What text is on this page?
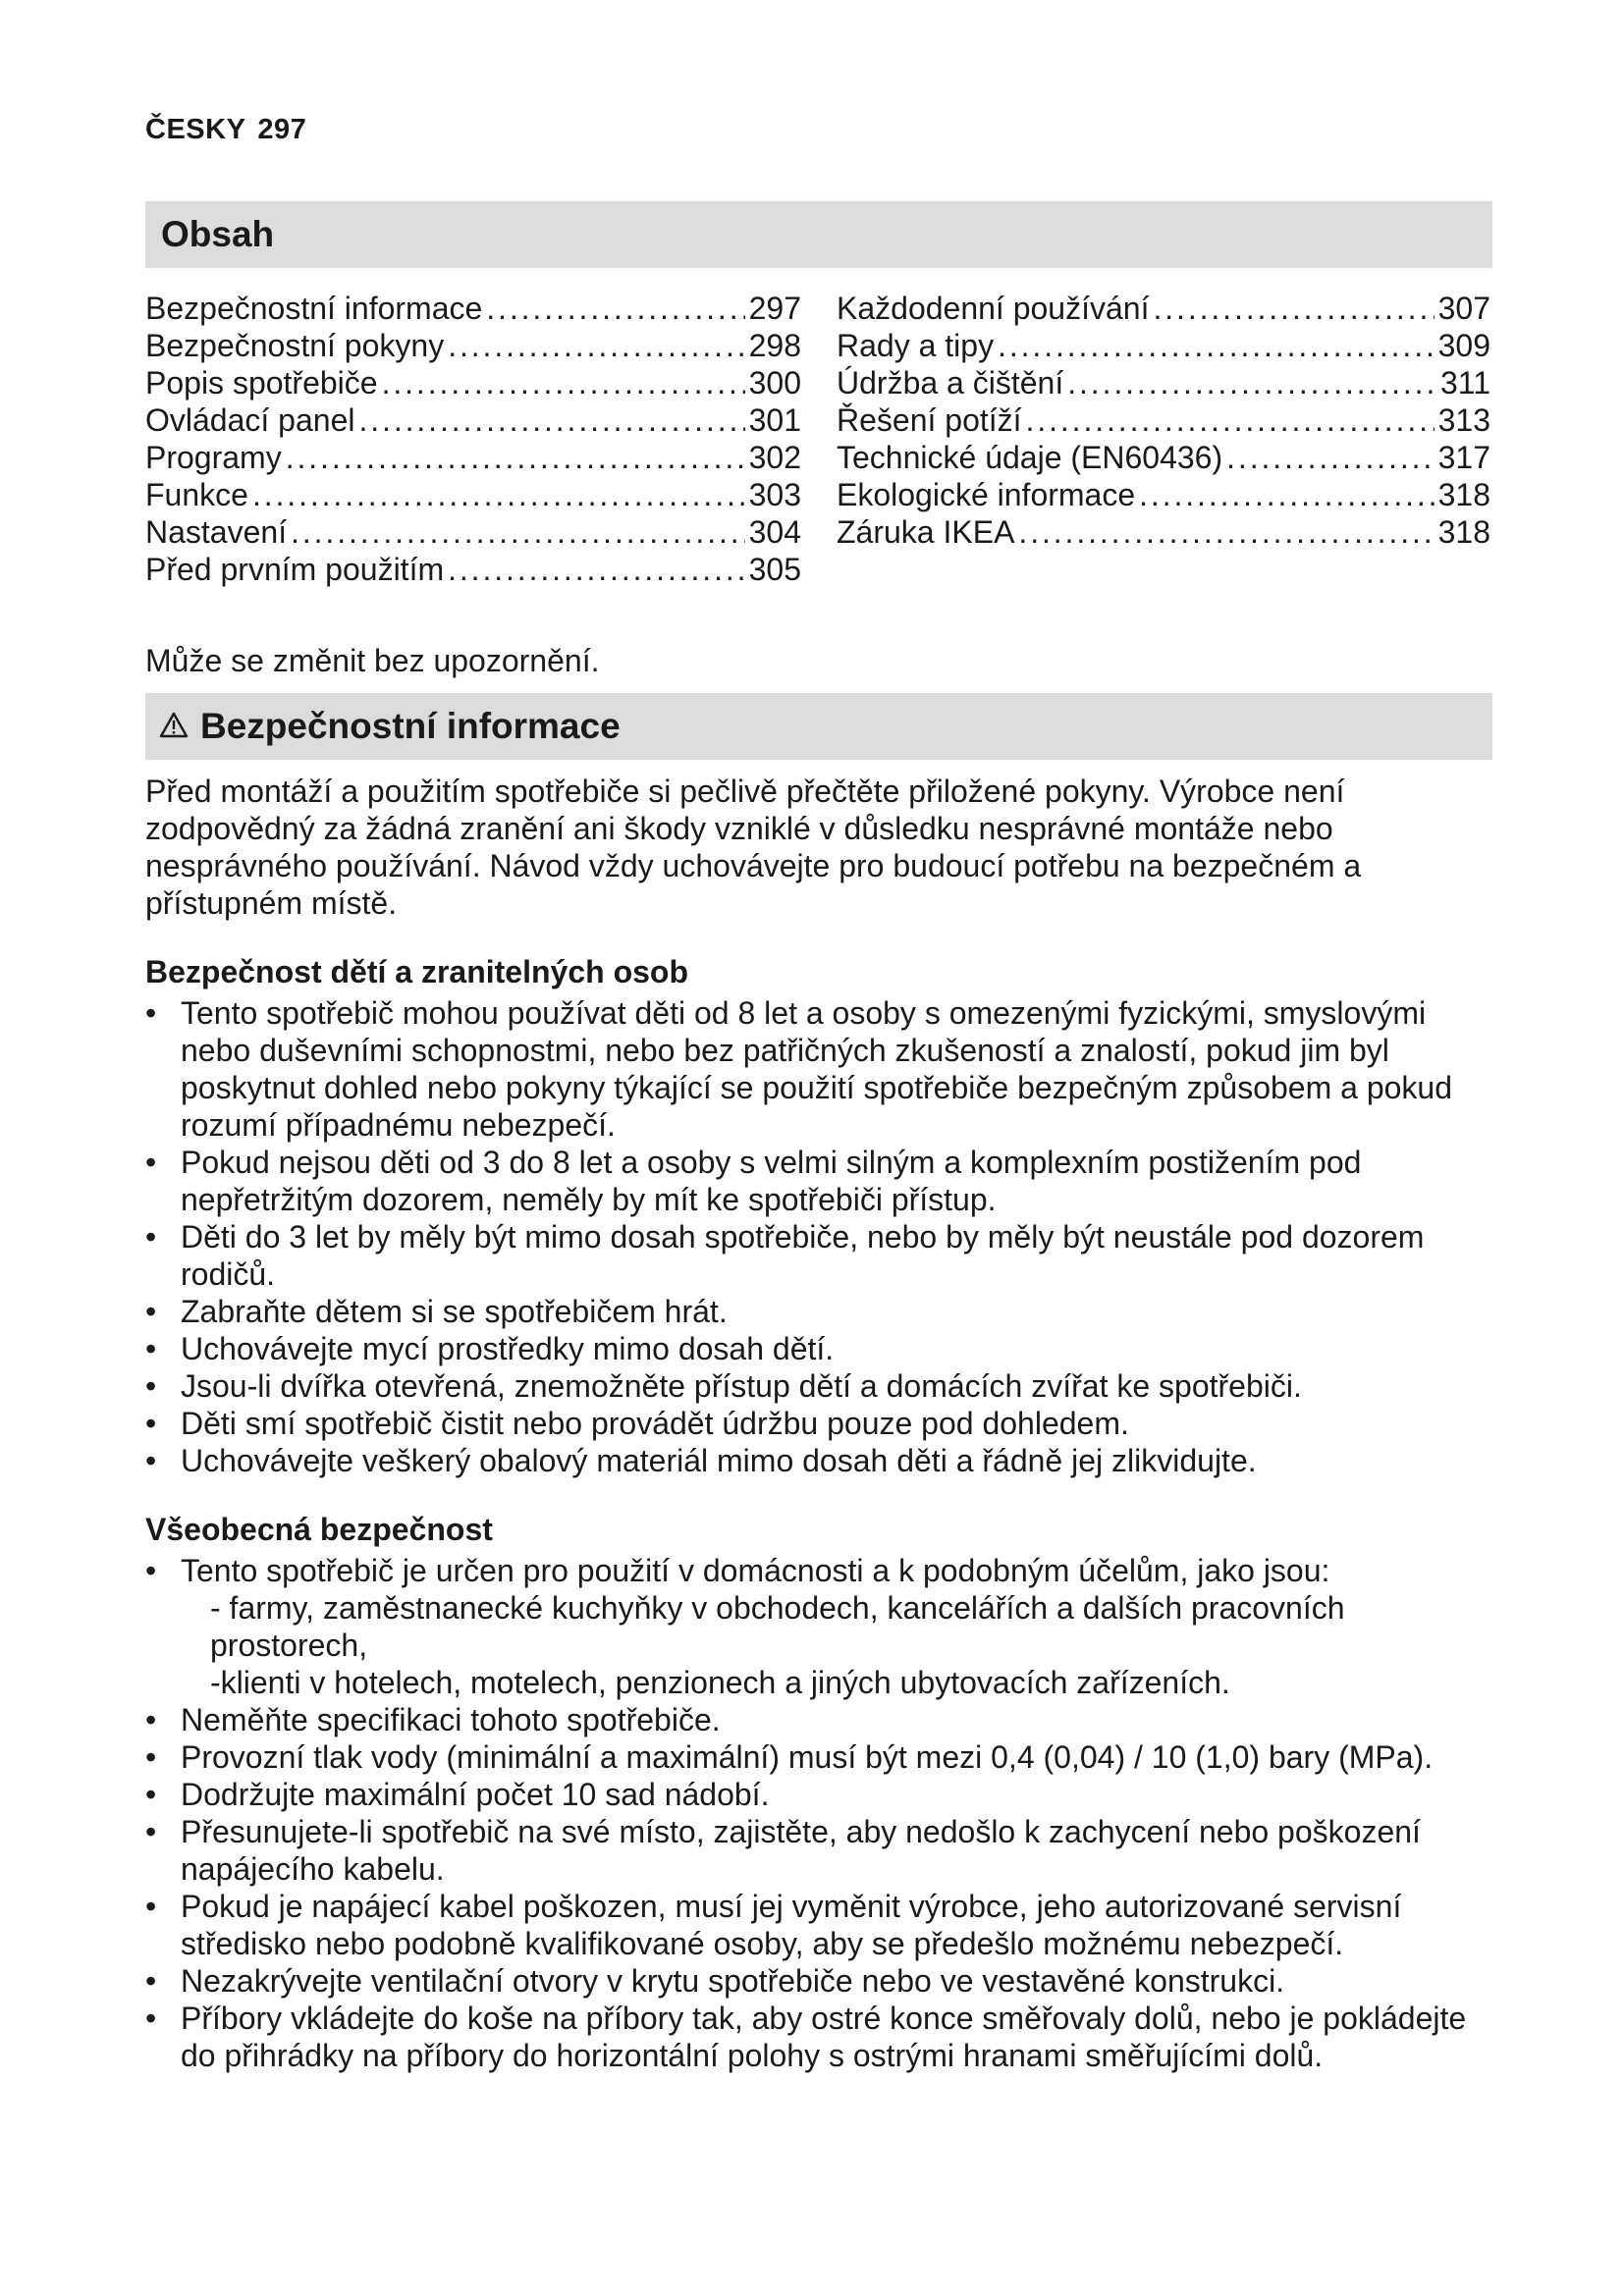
ČESKY 297
Obsah
Bezpečnostní informace . . .	297
Bezpečnostní pokyny . . .	298
Popis spotřebiče . . .	300
Ovládací panel . . .	301
Programy . . .	302
Funkce . . .	303
Nastavení . . .	304
Před prvním použitím . . .	305
Každodenní používání . . .	307
Rady a tipy . . .	309
Údržba a čištění . . .	311
Řešení potíží . . .	313
Technické údaje (EN60436) . . .	317
Ekologické informace . . .	318
Záruka IKEA . . .	318
Může se změnit bez upozornění.
Bezpečnostní informace

Před montáží a použitím spotřebiče si pečlivě přečtěte přiložené pokyny. Výrobce není zodpovědný za žádná zranění ani škody vzniklé v důsledku nesprávné montáže nebo nesprávného používání. Návod vždy uchovávejte pro budoucí potřebu na bezpečném a přístupném místě.

Bezpečnost dětí a zranitelných osob
• Tento spotřebič mohou používat děti od 8 let a osoby s omezenými fyzickými, smyslovými nebo duševními schopnostmi, nebo bez patřičných zkušeností a znalostí, pokud jim byl poskytnut dohled nebo pokyny týkající se použití spotřebiče bezpečným způsobem a pokud rozumí případnému nebezpečí.
• Pokud nejsou děti od 3 do 8 let a osoby s velmi silným a komplexním postižením pod nepřetržitým dozorem, neměly by mít ke spotřebiči přístup.
• Děti do 3 let by měly být mimo dosah spotřebiče, nebo by měly být neustále pod dozorem rodičů.
• Zabraňte dětem si se spotřebičem hrát.
• Uchovávejte mycí prostředky mimo dosah dětí.
• Jsou-li dvířka otevřená, znemožněte přístup dětí a domácích zvířat ke spotřebiči.
• Děti smí spotřebič čistit nebo provádět údržbu pouze pod dohledem.
• Uchovávejte veškerý obalový materiál mimo dosah děti a řádně jej zlikvidujte.
Všeobecná bezpečnost
• Tento spotřebič je určen pro použití v domácnosti a k podobným účelům, jako jsou:
- farmy, zaměstnanecké kuchyňky v obchodech, kancelářích a dalších pracovních prostorech,
-klienti v hotelech, motelech, penzionech a jiných ubytovacích zařízeních.
• Neměňte specifikaci tohoto spotřebiče.
• Provozní tlak vody (minimální a maximální) musí být mezi 0,4 (0,04) / 10 (1,0) bary (MPa).
• Dodržujte maximální počet 10 sad nádobí.
• Přesunujete-li spotřebič na své místo, zajistěte, aby nedošlo k zachycení nebo poškození napájecího kabelu.
• Pokud je napájecí kabel poškozen, musí jej vyměnit výrobce, jeho autorizované servisní středisko nebo podobně kvalifikované osoby, aby se předešlo možnému nebezpečí.
• Nezakrývejte ventilační otvory v krytu spotřebiče nebo ve vestavěné konstrukci.
• Příbory vkládejte do koše na příbory tak, aby ostré konce směřovaly dolů, nebo je pokládejte do přihrádky na příbory do horizontální polohy s ostrými hranami směřujícími dolů.
